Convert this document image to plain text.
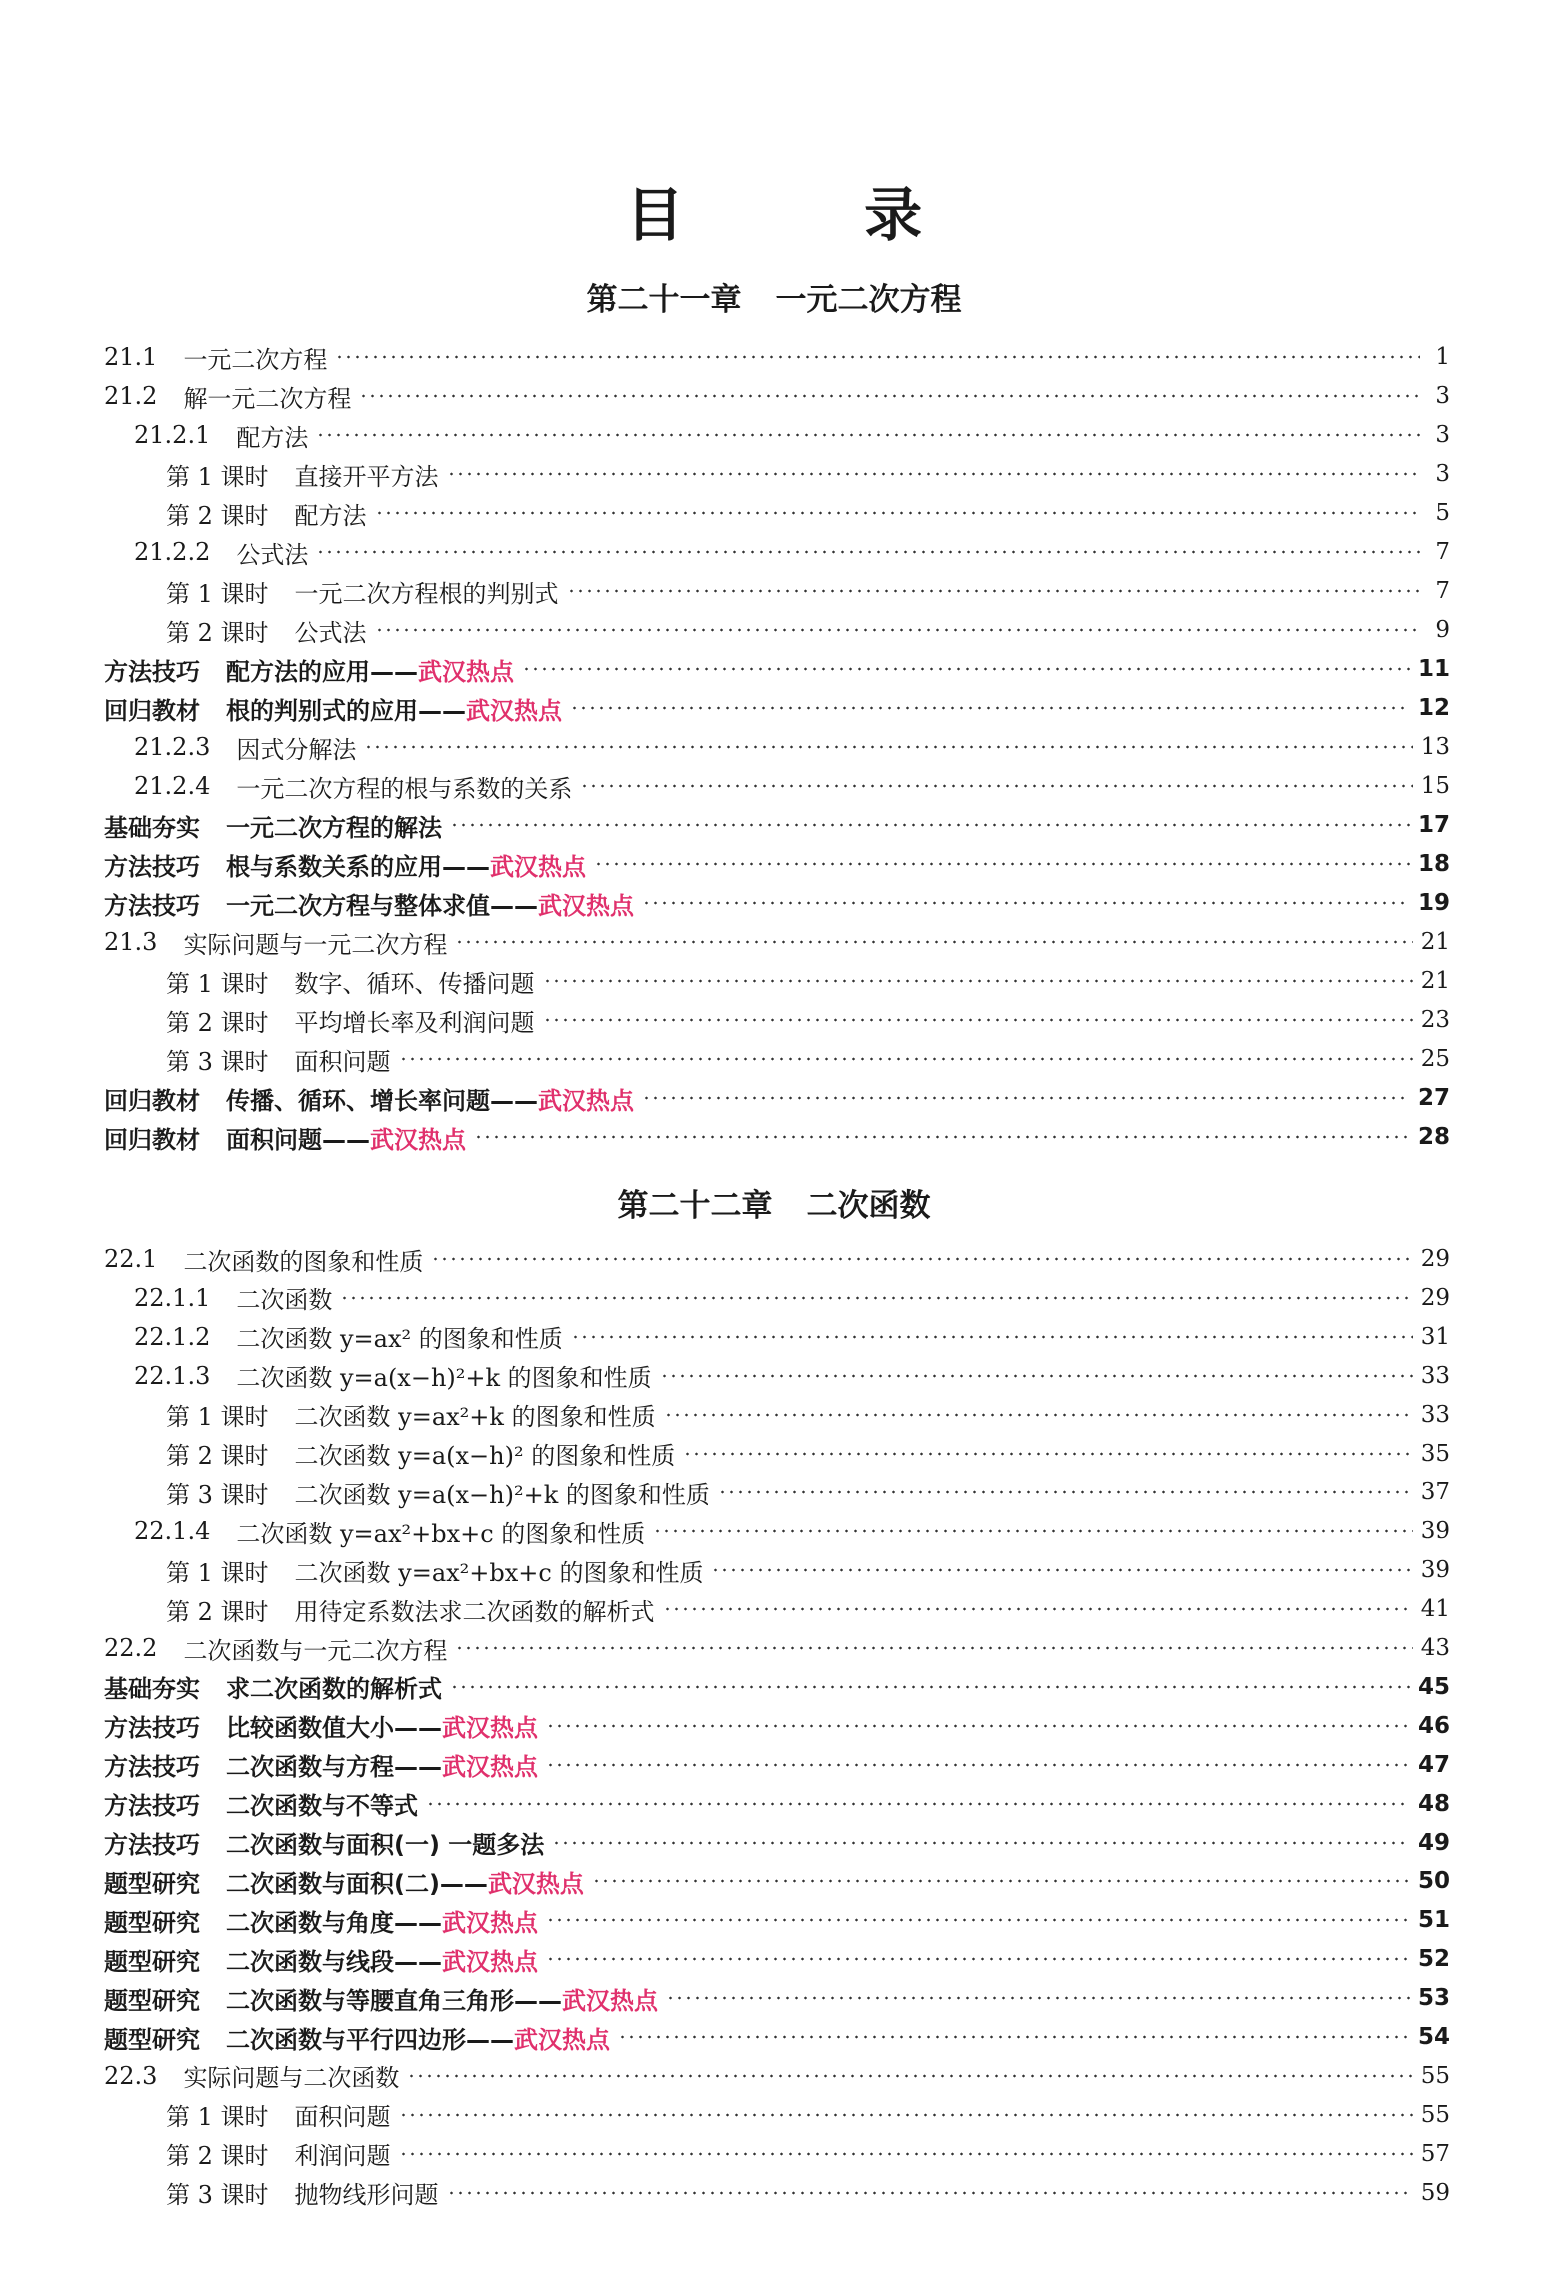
目 录
第二十一章 一元二次方程
21.1 一元二次方程	1
21.2 解一元二次方程	3
21.2.1 配方法	3
第 1 课时 直接开平方法	3
第 2 课时 配方法	5
21.2.2 公式法	7
第 1 课时 一元二次方程根的判别式	7
第 2 课时 公式法	9
方法技巧 配方法的应用—— 武汉热点	11
回归教材 根的判别式的应用—— 武汉热点	12
21.2.3 因式分解法	13
21.2.4 一元二次方程的根与系数的关系	15
基础夯实 一元二次方程的解法	17
方法技巧 根与系数关系的应用—— 武汉热点	18
方法技巧 一元二次方程与整体求值—— 武汉热点	19
21.3 实际问题与一元二次方程	21
第 1 课时 数字、循环、传播问题	21
第 2 课时 平均增长率及利润问题	23
第 3 课时 面积问题	25
回归教材 传播、循环、增长率问题—— 武汉热点	27
回归教材 面积问题—— 武汉热点	28
第二十二章 二次函数
22.1 二次函数的图象和性质	29
22.1.1 二次函数	29
22.1.2 二次函数 y=ax² 的图象和性质	31
22.1.3 二次函数 y=a(x−h)²+k 的图象和性质	33
第 1 课时 二次函数 y=ax²+k 的图象和性质	33
第 2 课时 二次函数 y=a(x−h)² 的图象和性质	35
第 3 课时 二次函数 y=a(x−h)²+k 的图象和性质	37
22.1.4 二次函数 y=ax²+bx+c 的图象和性质	39
第 1 课时 二次函数 y=ax²+bx+c 的图象和性质	39
第 2 课时 用待定系数法求二次函数的解析式	41
22.2 二次函数与一元二次方程	43
基础夯实 求二次函数的解析式	45
方法技巧 比较函数值大小—— 武汉热点	46
方法技巧 二次函数与方程—— 武汉热点	47
方法技巧 二次函数与不等式	48
方法技巧 二次函数与面积(一) 一题多法	49
题型研究 二次函数与面积(二)—— 武汉热点	50
题型研究 二次函数与角度—— 武汉热点	51
题型研究 二次函数与线段—— 武汉热点	52
题型研究 二次函数与等腰直角三角形—— 武汉热点	53
题型研究 二次函数与平行四边形—— 武汉热点	54
22.3 实际问题与二次函数	55
第 1 课时 面积问题	55
第 2 课时 利润问题	57
第 3 课时 抛物线形问题	59
